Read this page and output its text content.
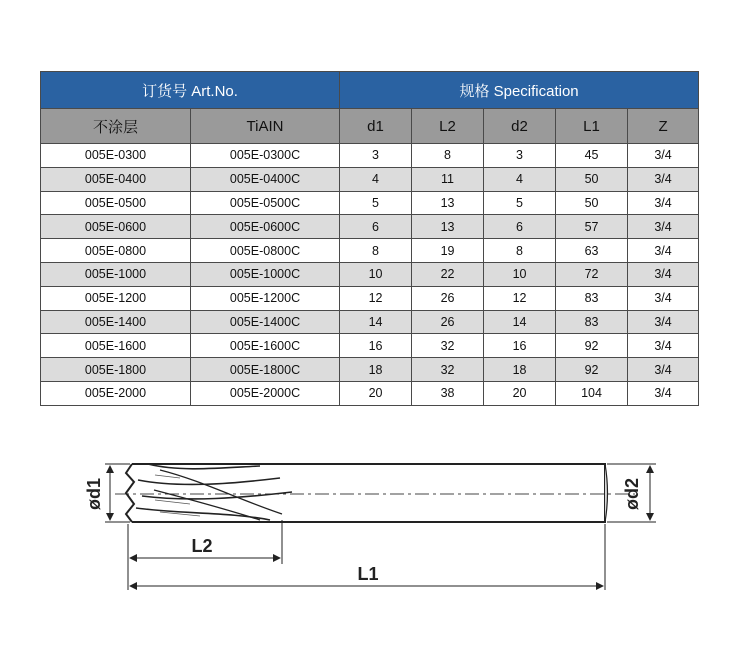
订货号 Art.No.		规格 Specification				
不涂层	TiAIN	d1	L2	d2	L1	Z
005E-0300	005E-0300C	3	8	3	45	3/4
005E-0400	005E-0400C	4	11	4	50	3/4
005E-0500	005E-0500C	5	13	5	50	3/4
005E-0600	005E-0600C	6	13	6	57	3/4
005E-0800	005E-0800C	8	19	8	63	3/4
005E-1000	005E-1000C	10	22	10	72	3/4
005E-1200	005E-1200C	12	26	12	83	3/4
005E-1400	005E-1400C	14	26	14	83	3/4
005E-1600	005E-1600C	16	32	16	92	3/4
005E-1800	005E-1800C	18	32	18	92	3/4
005E-2000	005E-2000C	20	38	20	104	3/4
ød1	ød2
L2
L1
